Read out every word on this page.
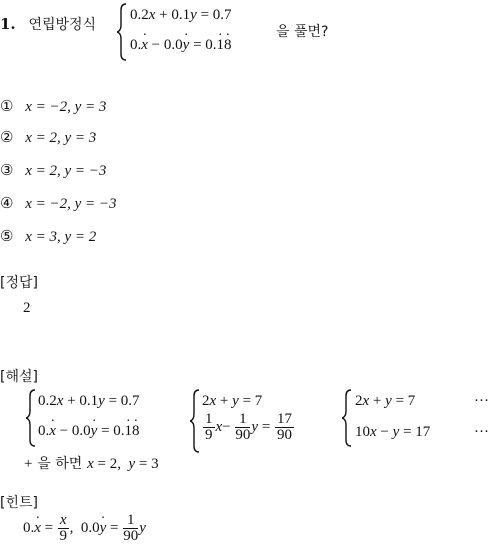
1. 연립방정식
0.2x + 0.1y = 0.7
0.x · − 0.0y · = 0.1 ·8 ·
을 풀면?
① x = −2, y = 3
② x = 2, y = 3
③ x = 2, y = −3
④ x = −2, y = −3
⑤ x = 3, y = 2
[정답]
2
[해설]
0.2x + 0.1y = 0.7
0.x · − 0.0y · = 0.1 ·8 ·
2x + y = 7
$\frac{1}{9} x- \frac{1}{90}$ $y = \frac{17}{90}$
2x + y = 7
10x − y = 17
···
···
+ 을 하면 x = 2,  y = 3
[힌트]
0.x · = $\frac{x}{9}$ ,  0.0y · = $\frac{1}{90}$ y
